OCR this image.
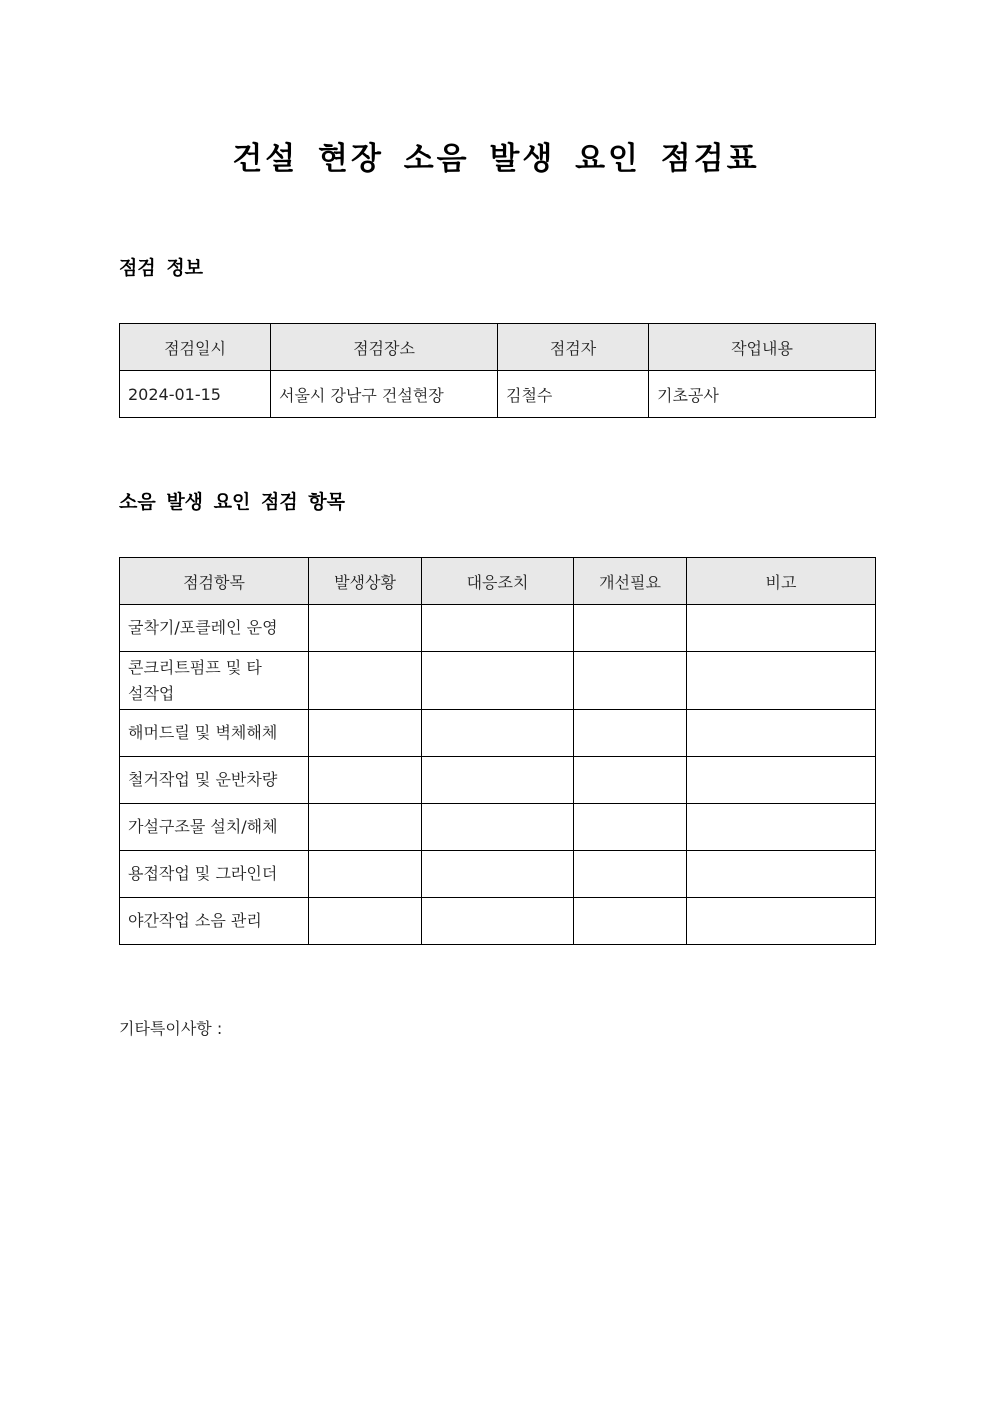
건설 현장 소음 발생 요인 점검표
점검 정보
점검일시	점검장소	점검자	작업내용
2024-01-15	서울시 강남구 건설현장	김철수	기초공사
소음 발생 요인 점검 항목
점검항목	발생상황	대응조치	개선필요	비고
굴착기/포클레인 운영				
콘크리트펌프 및 타설작업				
해머드릴 및 벽체해체				
철거작업 및 운반차량				
가설구조물 설치/해체				
용접작업 및 그라인더				
야간작업 소음 관리				
기타특이사항 :
